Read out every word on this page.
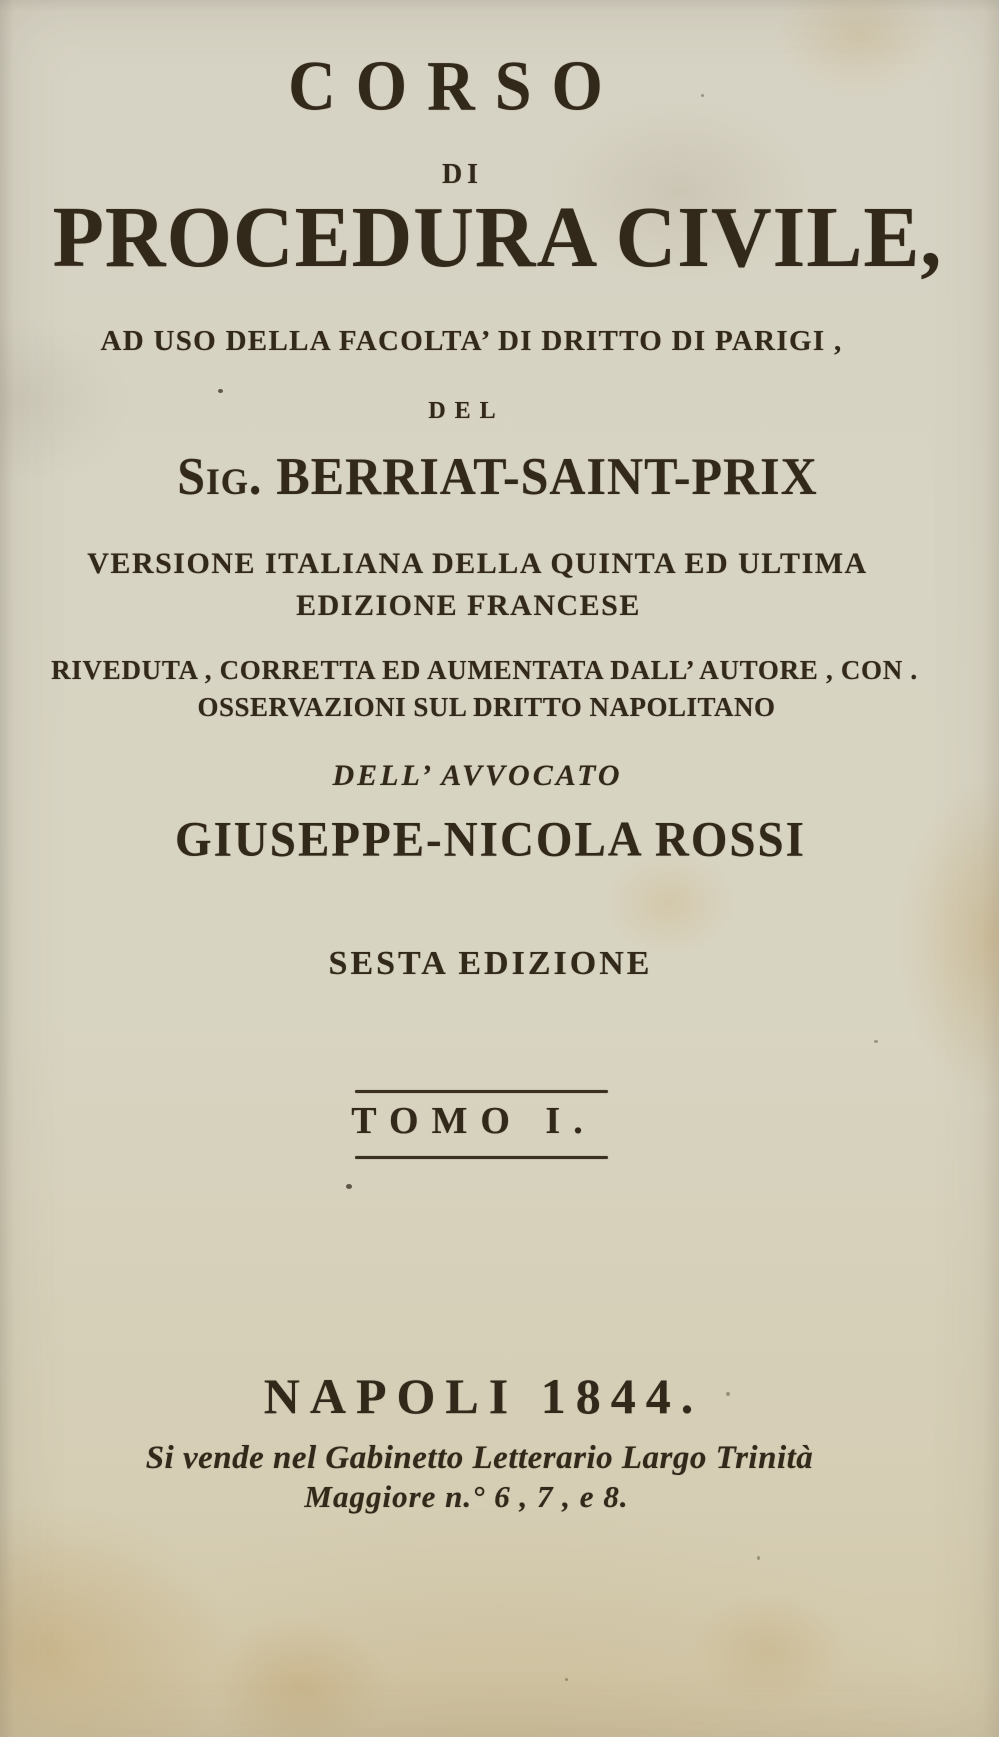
CORSO
DI
PROCEDURA CIVILE,
AD USO DELLA FACOLTA’ DI DRITTO DI PARIGI ,
DEL
Sig. BERRIAT-SAINT-PRIX
VERSIONE ITALIANA DELLA QUINTA ED ULTIMA
EDIZIONE FRANCESE
RIVEDUTA , CORRETTA ED AUMENTATA DALL’ AUTORE , CON .
OSSERVAZIONI SUL DRITTO NAPOLITANO
DELL’ AVVOCATO
GIUSEPPE-NICOLA ROSSI
SESTA EDIZIONE
TOMO I.
NAPOLI 1844.
Si vende nel Gabinetto Letterario Largo Trinità
Maggiore n.° 6 , 7 , e 8.
